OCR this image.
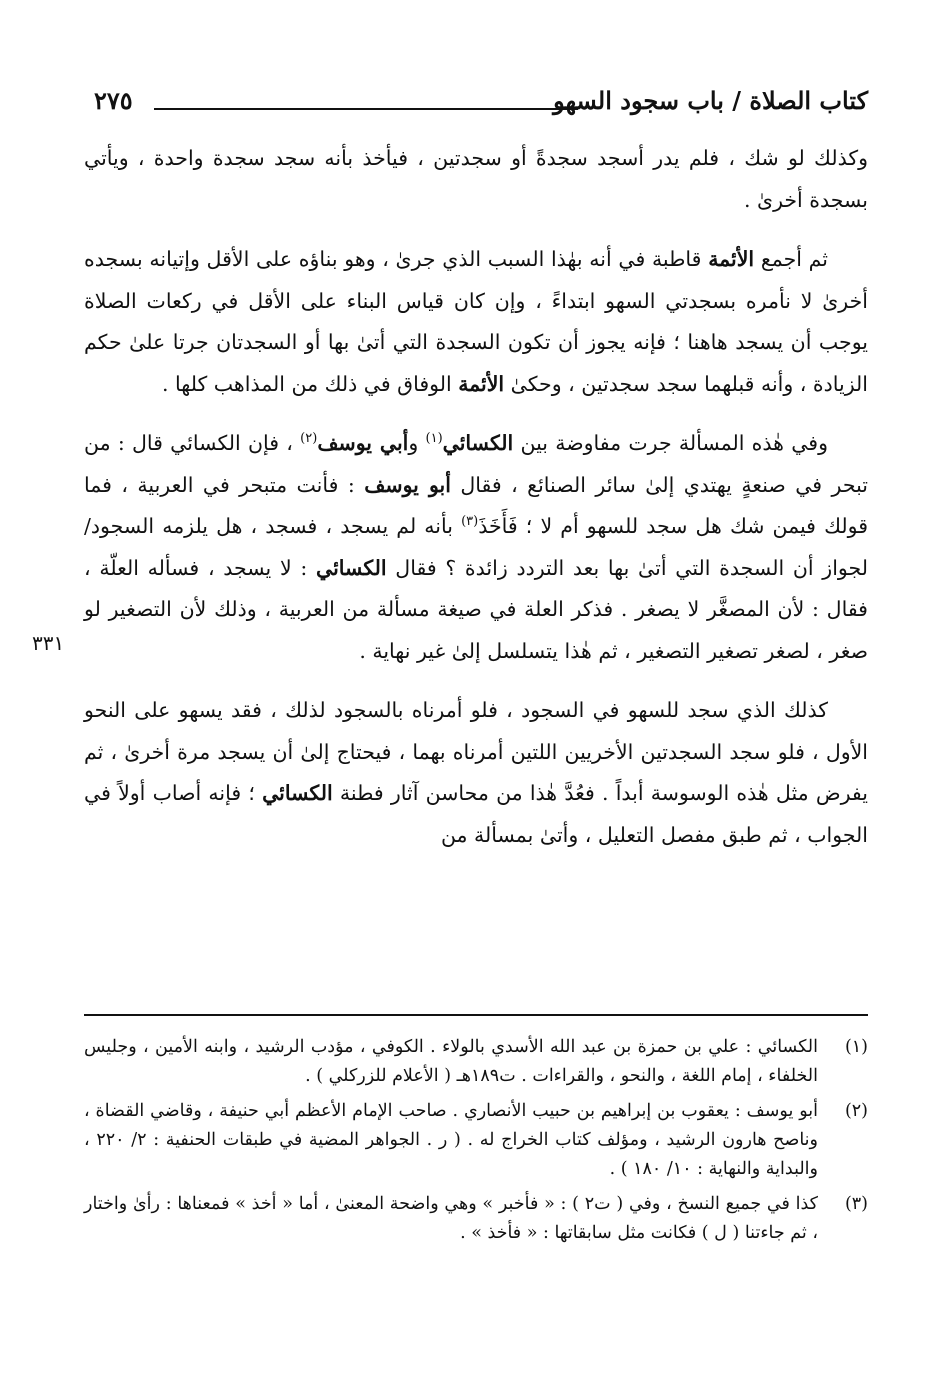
كتاب الصلاة / باب سجود السهو
٢٧٥
٣٣١

وكذلك لو شك ، فلم يدر أسجد سجدةً أو سجدتين ، فيأخذ بأنه سجد سجدة واحدة ، ويأتي بسجدة أخرىٰ .

ثم أجمع الأئمة قاطبة في أنه بهٰذا السبب الذي جرىٰ ، وهو بناؤه على الأقل وإتيانه بسجده أخرىٰ لا نأمره بسجدتي السهو ابتداءً ، وإن كان قياس البناء على الأقل في ركعات الصلاة يوجب أن يسجد هاهنا ؛ فإنه يجوز أن تكون السجدة التي أتىٰ بها أو السجدتان جرتا علىٰ حكم الزيادة ، وأنه قبلهما سجد سجدتين ، وحكىٰ الأئمة الوفاق في ذلك من المذاهب كلها .

وفي هٰذه المسألة جرت مفاوضة بين الكسائي$^{(١)}$ وأبي يوسف$^{(٢)}$ ، فإن الكسائي قال : من تبحر في صنعةٍ يهتدي إلىٰ سائر الصنائع ، فقال أبو يوسف : فأنت متبحر في العربية ، فما قولك فيمن شك هل سجد للسهو أم لا ؛ فَأَخَذَ$^{(٣)}$ بأنه لم يسجد ، فسجد ، هل يلزمه السجود/ لجواز أن السجدة التي أتىٰ بها بعد التردد زائدة ؟ فقال الكسائي : لا يسجد ، فسأله العلّة ، فقال : لأن المصغَّر لا يصغر . فذكر العلة في صيغة مسألة من العربية ، وذلك لأن التصغير لو صغر ، لصغر تصغير التصغير ، ثم هٰذا يتسلسل إلىٰ غير نهاية .

كذلك الذي سجد للسهو في السجود ، فلو أمرناه بالسجود لذلك ، فقد يسهو على النحو الأول ، فلو سجد السجدتين الأخريين اللتين أمرناه بهما ، فيحتاج إلىٰ أن يسجد مرة أخرىٰ ، ثم يفرض مثل هٰذه الوسوسة أبداً . فعُدَّ هٰذا من محاسن آثار فطنة الكسائي ؛ فإنه أصاب أولاً في الجواب ، ثم طبق مفصل التعليل ، وأتىٰ بمسألة من

(١)
الكسائي : علي بن حمزة بن عبد الله الأسدي بالولاء . الكوفي ، مؤدب الرشيد ، وابنه الأمين ، وجليس الخلفاء ، إمام اللغة ، والنحو ، والقراءات . ت١٨٩هـ ( الأعلام للزركلي ) .
(٢)
أبو يوسف : يعقوب بن إبراهيم بن حبيب الأنصاري . صاحب الإمام الأعظم أبي حنيفة ، وقاضي القضاة ، وناصح هارون الرشيد ، ومؤلف كتاب الخراج له . ( ر . الجواهر المضية في طبقات الحنفية : ٢/ ٢٢٠ ، والبداية والنهاية : ١٠/ ١٨٠ ) .
(٣)
كذا في جميع النسخ ، وفي ( ت٢ ) : « فأخبر » وهي واضحة المعنىٰ ، أما « أخذ » فمعناها : رأىٰ واختار ، ثم جاءتنا ( ل ) فكانت مثل سابقاتها : « فأخذ » .
